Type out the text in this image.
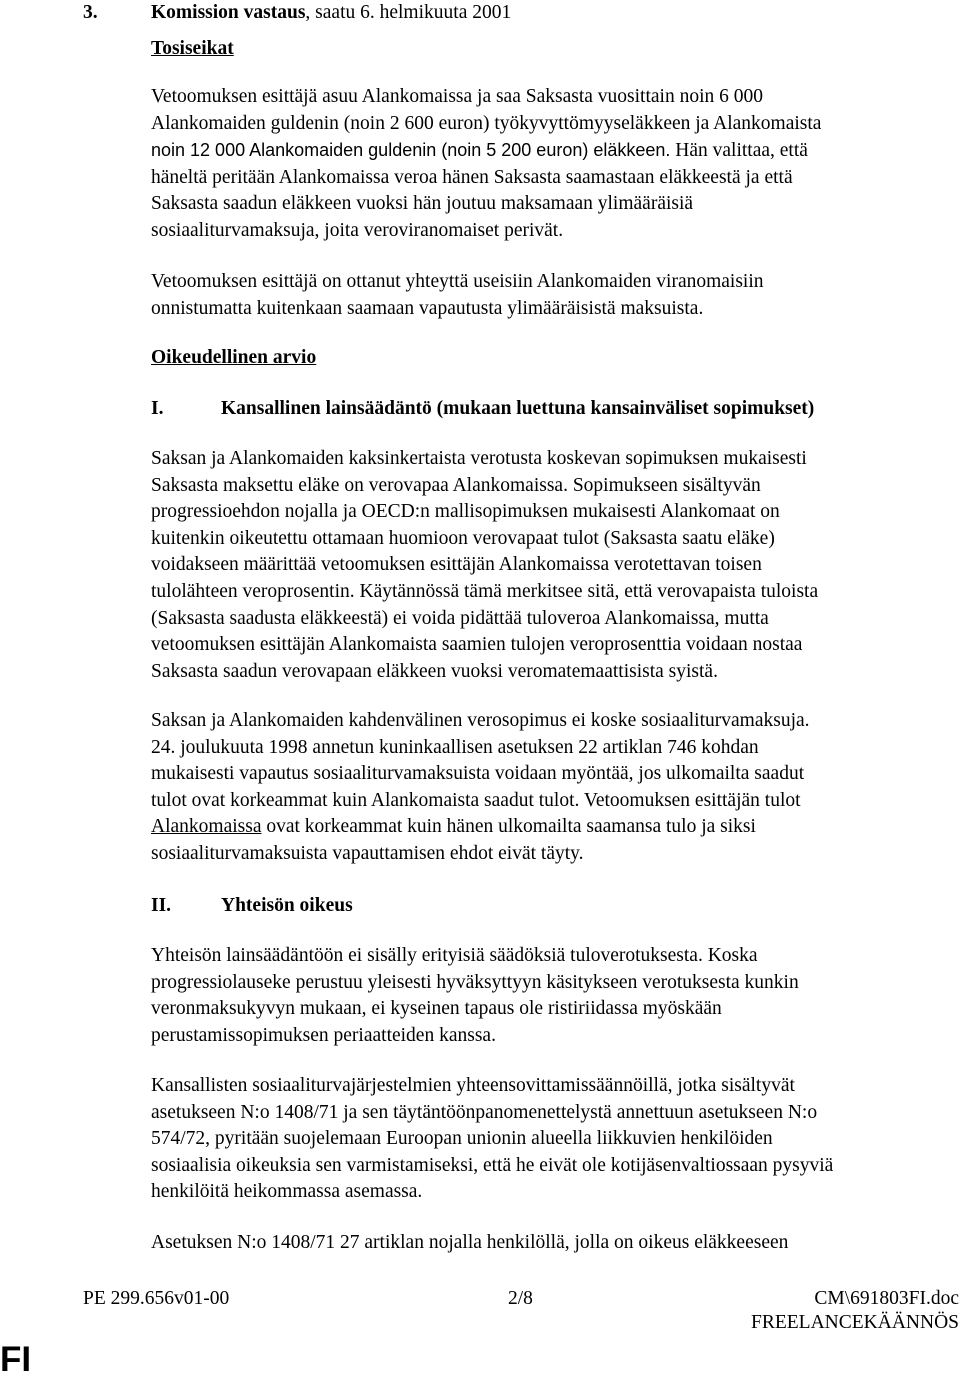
3.	Komission vastaus, saatu 6. helmikuuta 2001
Tosiseikat

Vetoomuksen esittäjä asuu Alankomaissa ja saa Saksasta vuosittain noin 6 000
Alankomaiden guldenin (noin 2 600 euron) työkyvyttömyyseläkkeen ja Alankomaista
noin 12 000 Alankomaiden guldenin (noin 5 200 euron) eläkkeen. Hän valittaa, että
häneltä peritään Alankomaissa veroa hänen Saksasta saamastaan eläkkeestä ja että
Saksasta saadun eläkkeen vuoksi hän joutuu maksamaan ylimääräisiä
sosiaaliturvamaksuja, joita veroviranomaiset perivät.

Vetoomuksen esittäjä on ottanut yhteyttä useisiin Alankomaiden viranomaisiin
onnistumatta kuitenkaan saamaan vapautusta ylimääräisistä maksuista.

Oikeudellinen arvio
I.	Kansallinen lainsäädäntö (mukaan luettuna kansainväliset sopimukset)

Saksan ja Alankomaiden kaksinkertaista verotusta koskevan sopimuksen mukaisesti
Saksasta maksettu eläke on verovapaa Alankomaissa. Sopimukseen sisältyvän
progressioehdon nojalla ja OECD:n mallisopimuksen mukaisesti Alankomaat on
kuitenkin oikeutettu ottamaan huomioon verovapaat tulot (Saksasta saatu eläke)
voidakseen määrittää vetoomuksen esittäjän Alankomaissa verotettavan toisen
tulolähteen veroprosentin. Käytännössä tämä merkitsee sitä, että verovapaista tuloista
(Saksasta saadusta eläkkeestä) ei voida pidättää tuloveroa Alankomaissa, mutta
vetoomuksen esittäjän Alankomaista saamien tulojen veroprosenttia voidaan nostaa
Saksasta saadun verovapaan eläkkeen vuoksi veromatemaattisista syistä.

Saksan ja Alankomaiden kahdenvälinen verosopimus ei koske sosiaaliturvamaksuja.
24. joulukuuta 1998 annetun kuninkaallisen asetuksen 22 artiklan 746 kohdan
mukaisesti vapautus sosiaaliturvamaksuista voidaan myöntää, jos ulkomailta saadut
tulot ovat korkeammat kuin Alankomaista saadut tulot. Vetoomuksen esittäjän tulot
Alankomaissa ovat korkeammat kuin hänen ulkomailta saamansa tulo ja siksi
sosiaaliturvamaksuista vapauttamisen ehdot eivät täyty.

II.	Yhteisön oikeus

Yhteisön lainsäädäntöön ei sisälly erityisiä säädöksiä tuloverotuksesta. Koska
progressiolauseke perustuu yleisesti hyväksyttyyn käsitykseen verotuksesta kunkin
veronmaksukyvyn mukaan, ei kyseinen tapaus ole ristiriidassa myöskään
perustamissopimuksen periaatteiden kanssa.

Kansallisten sosiaaliturvajärjestelmien yhteensovittamissäännöillä, jotka sisältyvät
asetukseen N:o 1408/71 ja sen täytäntöönpanomenettelystä annettuun asetukseen N:o
574/72, pyritään suojelemaan Euroopan unionin alueella liikkuvien henkilöiden
sosiaalisia oikeuksia sen varmistamiseksi, että he eivät ole kotijäsenvaltiossaan pysyviä
henkilöitä heikommassa asemassa.

Asetuksen N:o 1408/71 27 artiklan nojalla henkilöllä, jolla on oikeus eläkkeeseen

PE 299.656v01-00	2/8	CM\691803FI.doc
FREELANCEKÄÄNNÖS
FI
